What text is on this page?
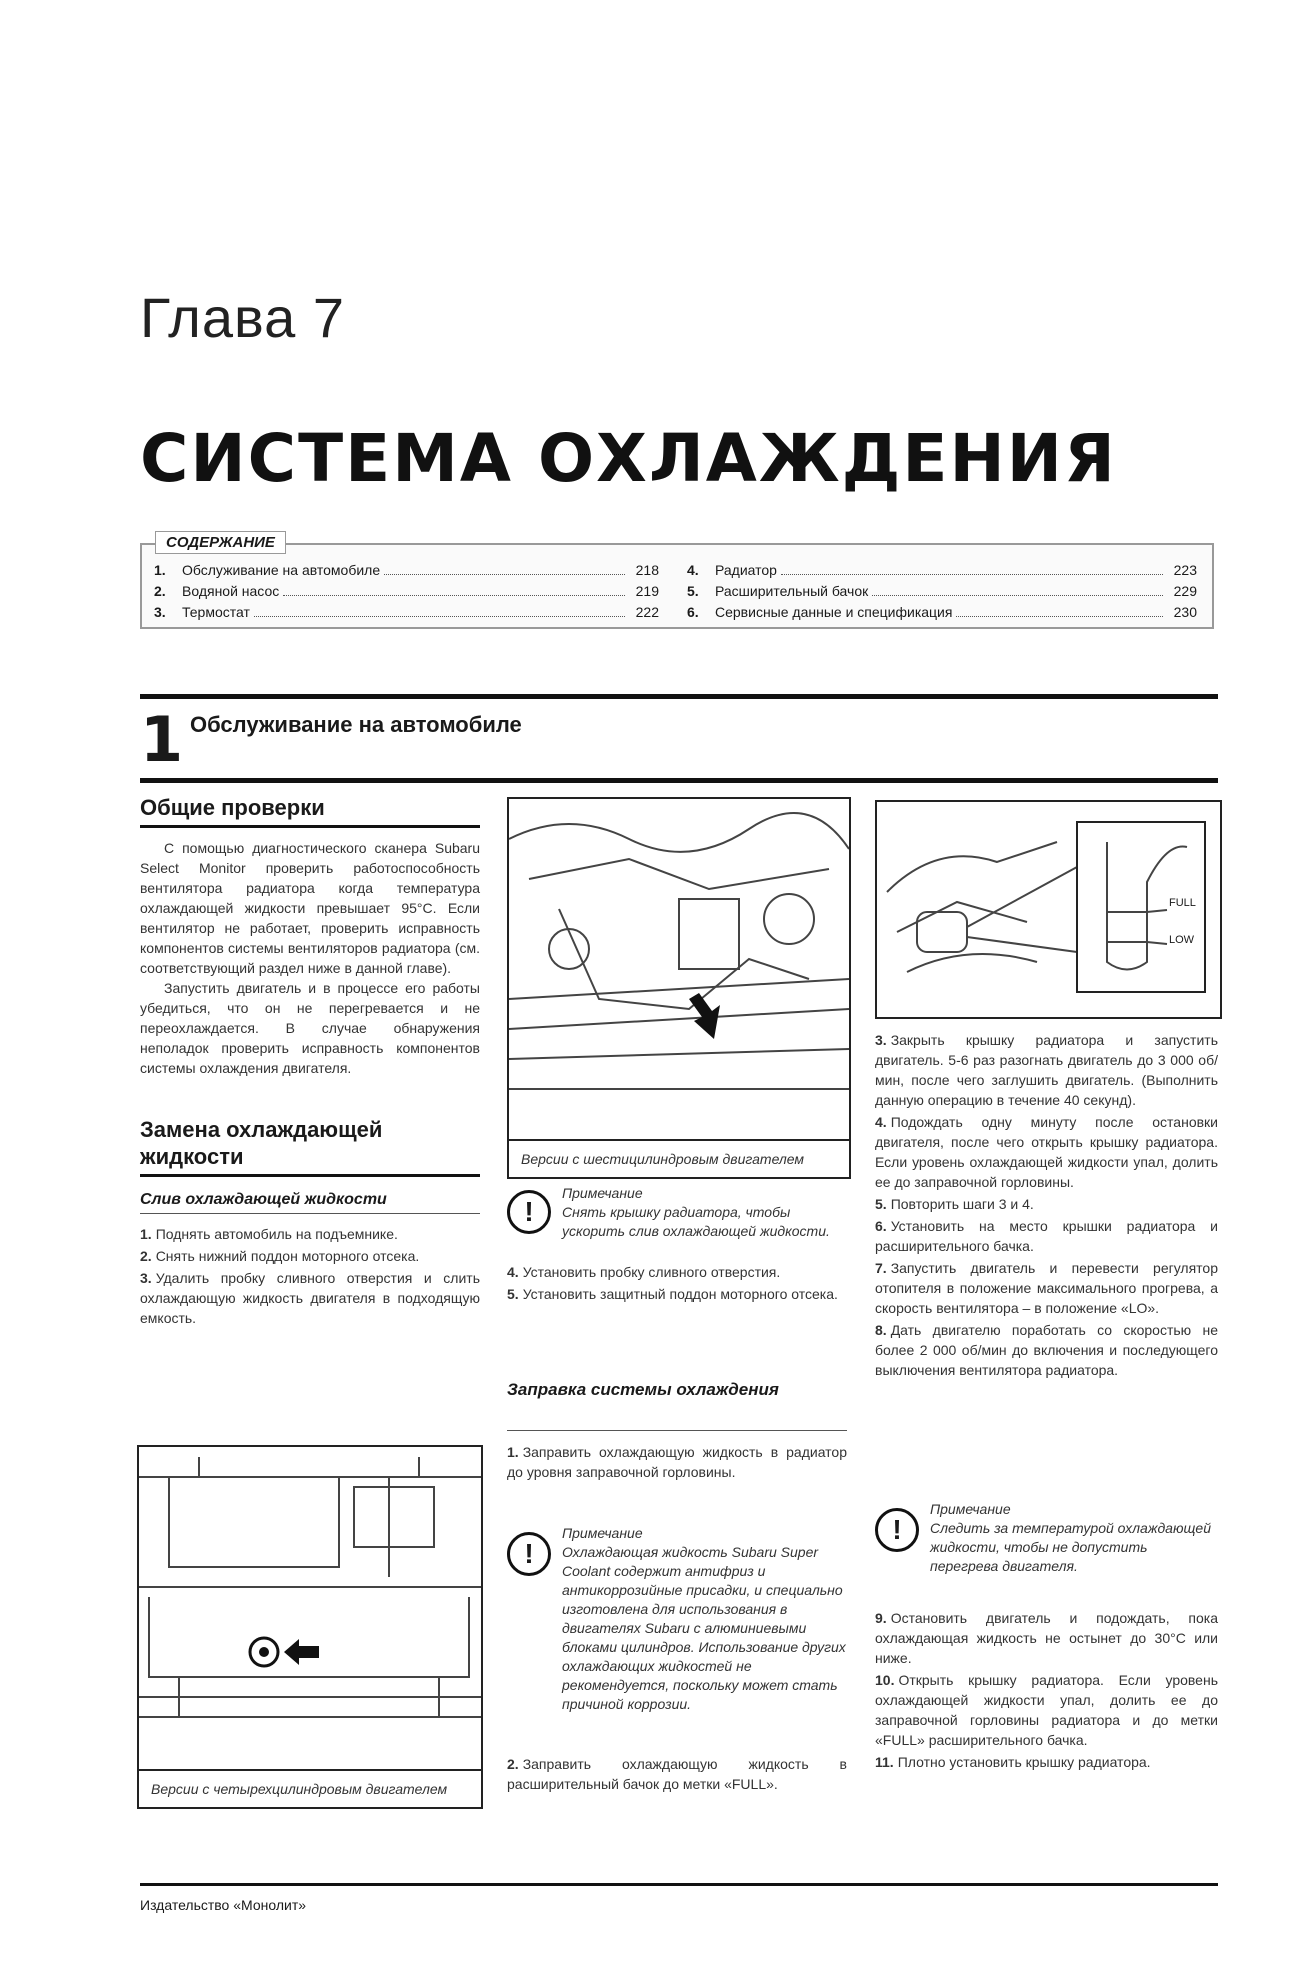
Глава 7
СИСТЕМА ОХЛАЖДЕНИЯ
1.	Обслуживание на автомобиле	218
2.	Водяной насос	219
3.	Термостат	222
4.	Радиатор	223
5.	Расширительный бачок	229
6.	Сервисные данные и спецификация	230
СОДЕРЖАНИЕ
1 Обслуживание на автомобиле
Общие проверки

С помощью диагностического сканера Subaru Select Monitor проверить работоспособность вентилятора радиатора когда температура охлаждающей жидкости превышает 95°C. Если вентилятор не работает, проверить исправность компонентов системы вентиляторов радиатора (см. соответствующий раздел ниже в данной главе).

Запустить двигатель и в процессе его работы убедиться, что он не перегревается и не переохлаждается. В случае обнаружения неполадок проверить исправность компонентов системы охлаждения двигателя.

Замена охлаждающей жидкости
Слив охлаждающей жидкости
1. Поднять автомобиль на подъемнике.
2. Снять нижний поддон моторного отсека.
3. Удалить пробку сливного отверстия и слить охлаждающую жидкость двигателя в подходящую емкость.
Версии с четырехцилиндровым двигателем
Версии с шестицилиндровым двигателем
!
Примечание
Снять крышку радиатора, чтобы ускорить слив охлаждающей жидкости.
4. Установить пробку сливного отверстия.
5. Установить защитный поддон моторного отсека.
Заправка системы охлаждения
1. Заправить охлаждающую жидкость в радиатор до уровня заправочной горловины.
!
Примечание
Охлаждающая жидкость Subaru Super Coolant содержит антифриз и антикоррозийные присадки, и специально изготовлена для использования в двигателях Subaru с алюминиевыми блоками цилиндров. Использование других охлаждающих жидкостей не рекомендуется, поскольку может стать причиной коррозии.
2. Заправить охлаждающую жидкость в расширительный бачок до метки «FULL».
FULL
LOW
3. Закрыть крышку радиатора и запустить двигатель. 5-6 раз разогнать двигатель до 3 000 об/мин, после чего заглушить двигатель. (Выполнить данную операцию в течение 40 секунд).
4. Подождать одну минуту после остановки двигателя, после чего открыть крышку радиатора. Если уровень охлаждающей жидкости упал, долить ее до заправочной горловины.
5. Повторить шаги 3 и 4.
6. Установить на место крышки радиатора и расширительного бачка.
7. Запустить двигатель и перевести регулятор отопителя в положение максимального прогрева, а скорость вентилятора – в положение «LO».
8. Дать двигателю поработать со скоростью не более 2 000 об/мин до включения и последующего выключения вентилятора радиатора.
!
Примечание
Следить за температурой охлаждающей жидкости, чтобы не допустить перегрева двигателя.
9. Остановить двигатель и подождать, пока охлаждающая жидкость не остынет до 30°C или ниже.
10. Открыть крышку радиатора. Если уровень охлаждающей жидкости упал, долить ее до заправочной горловины радиатора и до метки «FULL» расширительного бачка.
11. Плотно установить крышку радиатора.
Издательство «Монолит»
